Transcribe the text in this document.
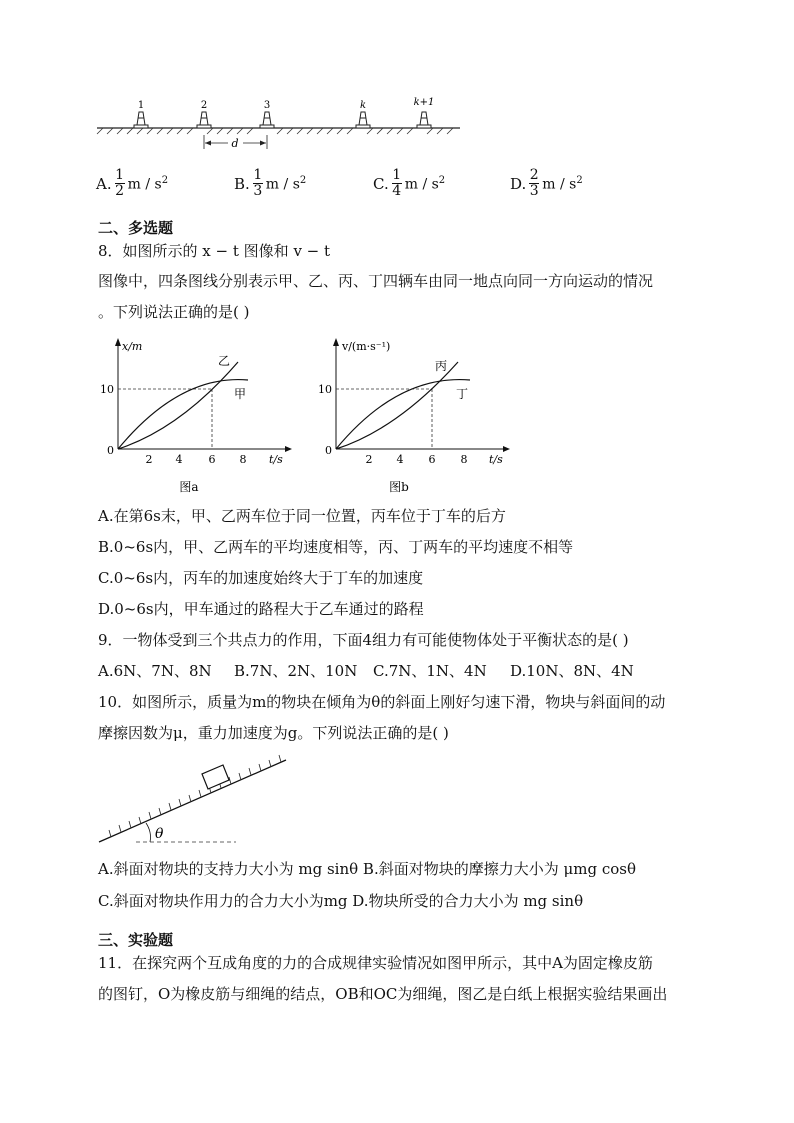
1	2	3	k	k+1
d
A. $\frac{1}{2}$ m / $s^2$	B. $\frac{1}{3}$ m / $s^2$	C. $\frac{1}{4}$ m / $s^2$	D. $\frac{2}{3}$ m / $s^2$
二、多选题
8．如图所示的 x − t 图像和 v − t
图像中，四条图线分别表示甲、乙、丙、丁四辆车由同一地点向同一方向运动的情况
。下列说法正确的是( )
x/m
t/s
10
0
2 4 6 8
乙
甲
图a
v/(m·s⁻¹)
t/s
10
0
2 4 6 8
丙
丁
图b
A.在第6s末，甲、乙两车位于同一位置，丙车位于丁车的后方
B.0~6s内，甲、乙两车的平均速度相等，丙、丁两车的平均速度不相等
C.0~6s内，丙车的加速度始终大于丁车的加速度
D.0~6s内，甲车通过的路程大于乙车通过的路程
9．一物体受到三个共点力的作用，下面4组力有可能使物体处于平衡状态的是( )
A.6N、7N、8N B.7N、2N、10N C.7N、1N、4N D.10N、8N、4N
10．如图所示，质量为m的物块在倾角为θ的斜面上刚好匀速下滑，物块与斜面间的动
摩擦因数为μ，重力加速度为g。下列说法正确的是( )
θ
A.斜面对物块的支持力大小为 mg sinθ B.斜面对物块的摩擦力大小为 μmg cosθ
C.斜面对物块作用力的合力大小为mg D.物块所受的合力大小为 mg sinθ
三、实验题
11．在探究两个互成角度的力的合成规律实验情况如图甲所示，其中A为固定橡皮筋
的图钉，O为橡皮筋与细绳的结点，OB和OC为细绳，图乙是白纸上根据实验结果画出
